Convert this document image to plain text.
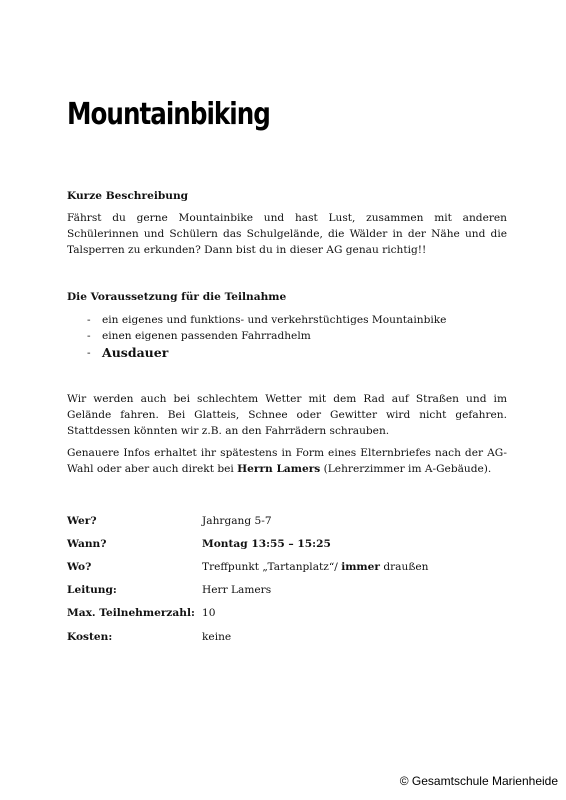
Mountainbiking

Kurze Beschreibung

Fährst du gerne Mountainbike und hast Lust, zusammen mit anderen Schülerinnen und Schülern das Schulgelände, die Wälder in der Nähe und die Talsperren zu erkunden? Dann bist du in dieser AG genau richtig!!

Die Voraussetzung für die Teilnahme

- ein eigenes und funktions- und verkehrstüchtiges Mountainbike
- einen eigenen passenden Fahrradhelm
- Ausdauer

Wir werden auch bei schlechtem Wetter mit dem Rad auf Straßen und im Gelände fahren. Bei Glatteis, Schnee oder Gewitter wird nicht gefahren. Stattdessen könnten wir z.B. an den Fahrrädern schrauben.

Genauere Infos erhaltet ihr spätestens in Form eines Elternbriefes nach der AG-Wahl oder aber auch direkt bei Herrn Lamers (Lehrerzimmer im A-Gebäude).

Wer?	Jahrgang 5-7
Wann?	Montag 13:55 – 15:25
Wo?	Treffpunkt „Tartanplatz“/ immer draußen
Leitung:	Herr Lamers
Max. Teilnehmerzahl:	10
Kosten:	keine
© Gesamtschule Marienheide
